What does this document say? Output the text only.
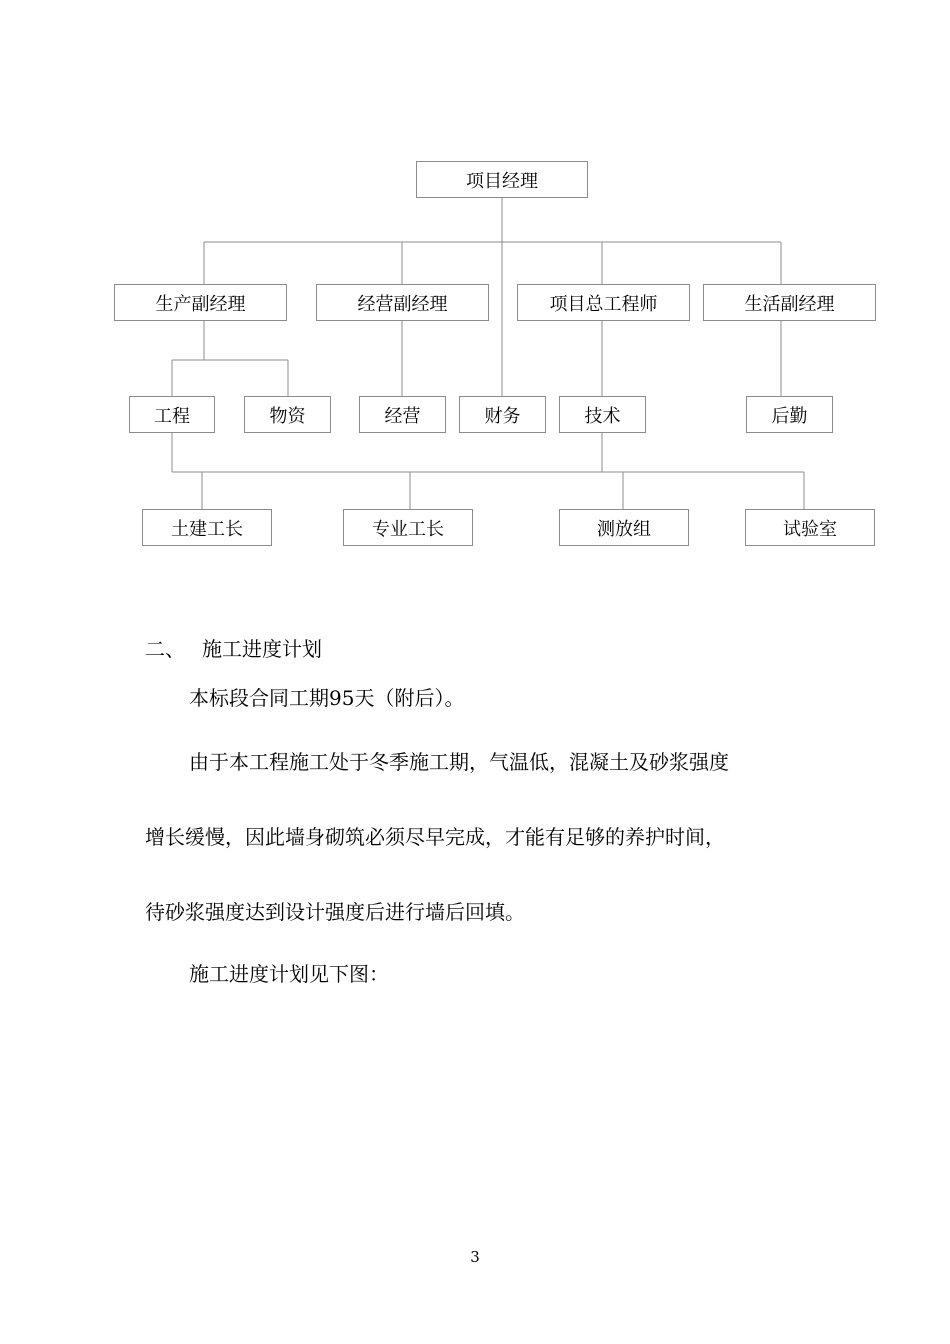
项目经理
生产副经理	经营副经理	项目总工程师	生活副经理
工程	物资	经营	财务	技术	后勤
土建工长	专业工长	测放组	试验室
二、 施工进度计划
本标段合同工期95天（附后）。
由于本工程施工处于冬季施工期，气温低，混凝土及砂浆强度
增长缓慢，因此墙身砌筑必须尽早完成，才能有足够的养护时间，
待砂浆强度达到设计强度后进行墙后回填。
施工进度计划见下图：
3
